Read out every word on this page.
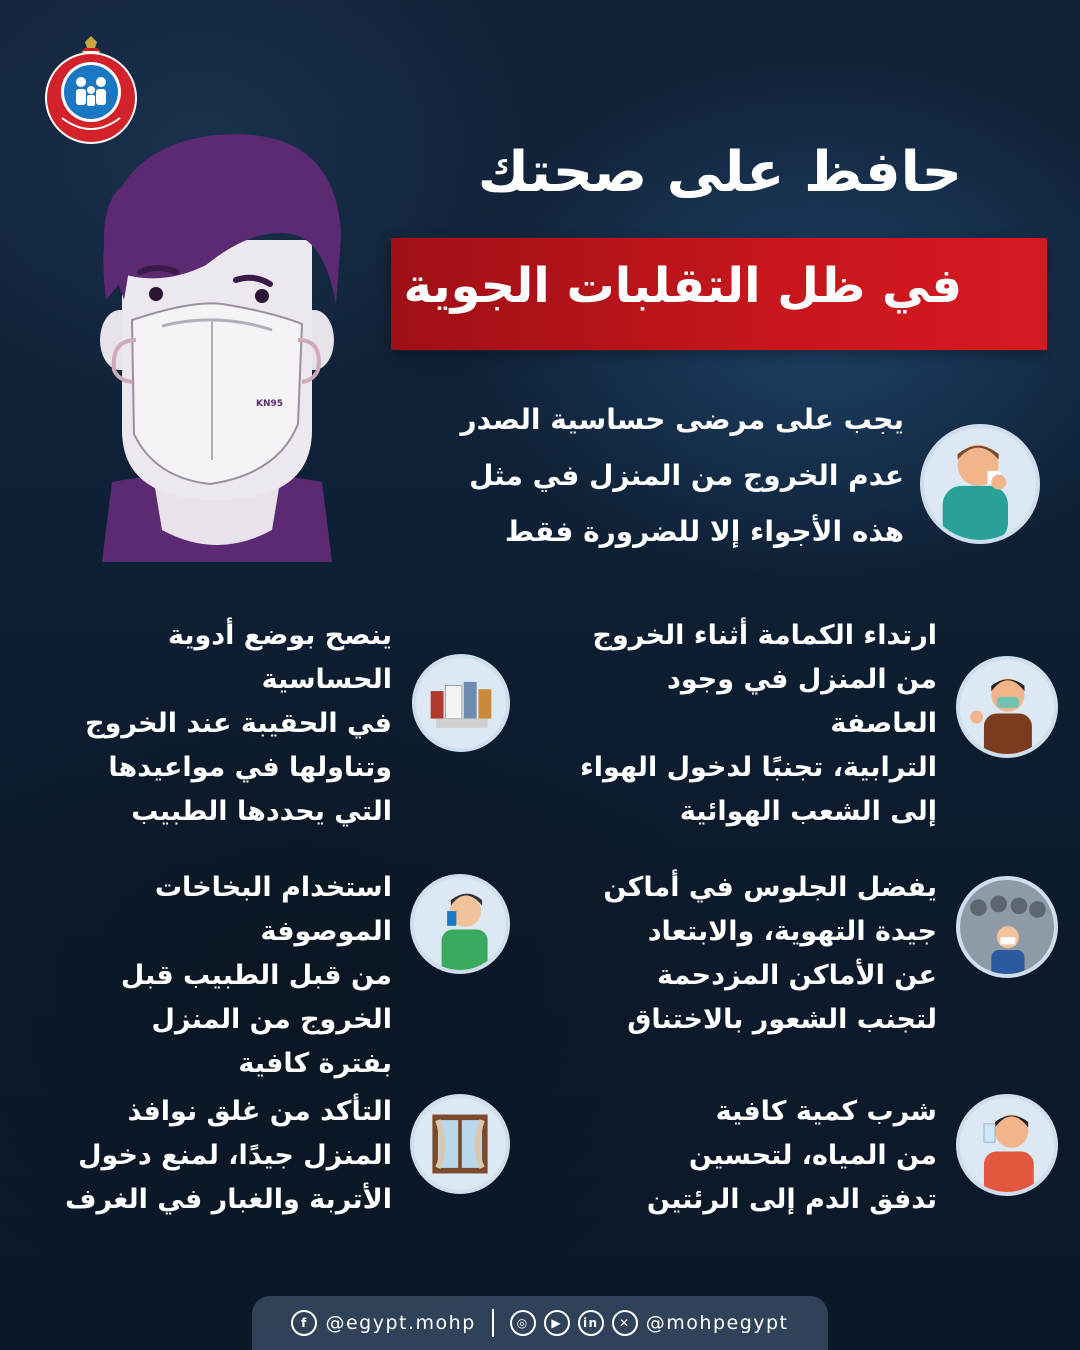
KN95
حافظ على صحتك
في ظل التقلبات الجوية
يجب على مرضى حساسية الصدر
عدم الخروج من المنزل في مثل
هذه الأجواء إلا للضرورة فقط
ارتداء الكمامة أثناء الخروج
من المنزل في وجود العاصفة
الترابية، تجنبًا لدخول الهواء
إلى الشعب الهوائية
ينصح بوضع أدوية الحساسية
في الحقيبة عند الخروج
وتناولها في مواعيدها
التي يحددها الطبيب
يفضل الجلوس في أماكن
جيدة التهوية، والابتعاد
عن الأماكن المزدحمة
لتجنب الشعور بالاختناق
استخدام البخاخات الموصوفة
من قبل الطبيب قبل
الخروج من المنزل
بفترة كافية
شرب كمية كافية
من المياه، لتحسين
تدفق الدم إلى الرئتين
التأكد من غلق نوافذ
المنزل جيدًا، لمنع دخول
الأتربة والغبار في الغرف
f @egypt.mohp	◎	▶	in	✕ @mohpegypt
